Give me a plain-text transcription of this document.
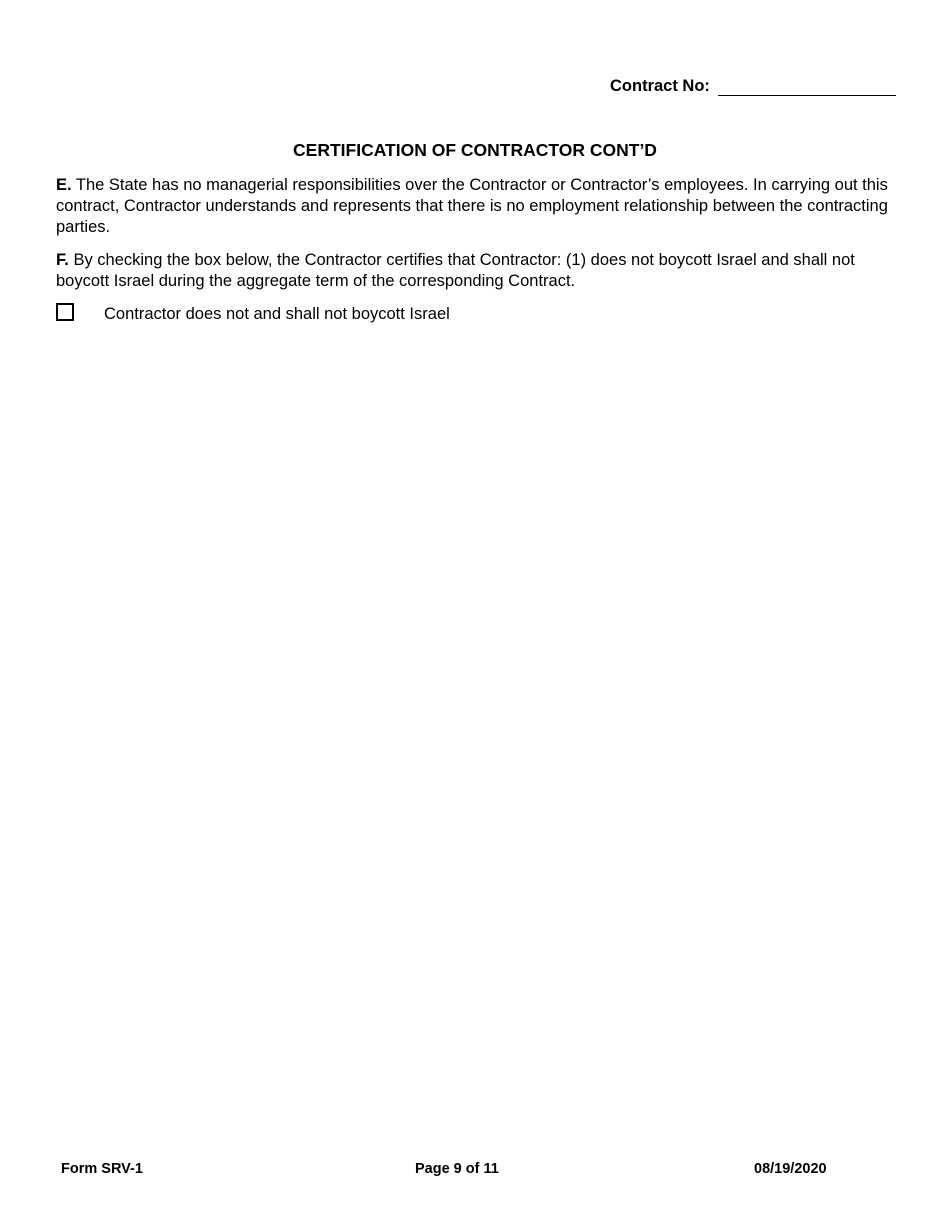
Contract No:
CERTIFICATION OF CONTRACTOR CONT’D

E. The State has no managerial responsibilities over the Contractor or Contractor’s employees. In carrying out this contract, Contractor understands and represents that there is no employment relationship between the contracting parties.

F. By checking the box below, the Contractor certifies that Contractor: (1) does not boycott Israel and shall not boycott Israel during the aggregate term of the corresponding Contract.

Contractor does not and shall not boycott Israel
Form SRV-1	Page 9 of 11	08/19/2020
